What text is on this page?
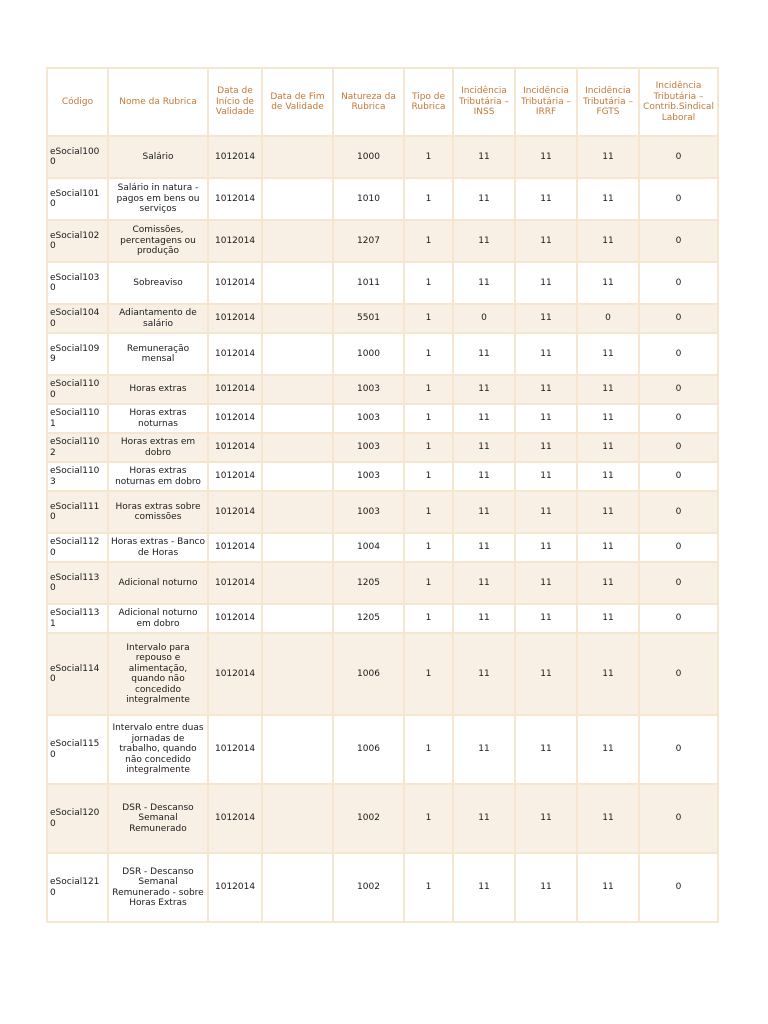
Código	Nome da Rubrica	Data de Início de Validade	Data de Fim de Validade	Natureza da Rubrica	Tipo de Rubrica	Incidência Tributária – INSS	Incidência Tributária – IRRF	Incidência Tributária – FGTS	Incidência Tributária – Contrib.Sindical Laboral
eSocial1000	Salário	1012014		1000	1	11	11	11	0
eSocial1010	Salário in natura - pagos em bens ou serviços	1012014		1010	1	11	11	11	0
eSocial1020	Comissões, percentagens ou produção	1012014		1207	1	11	11	11	0
eSocial1030	Sobreaviso	1012014		1011	1	11	11	11	0
eSocial1040	Adiantamento de salário	1012014		5501	1	0	11	0	0
eSocial1099	Remuneração mensal	1012014		1000	1	11	11	11	0
eSocial1100	Horas extras	1012014		1003	1	11	11	11	0
eSocial1101	Horas extras noturnas	1012014		1003	1	11	11	11	0
eSocial1102	Horas extras em dobro	1012014		1003	1	11	11	11	0
eSocial1103	Horas extras noturnas em dobro	1012014		1003	1	11	11	11	0
eSocial1110	Horas extras sobre comissões	1012014		1003	1	11	11	11	0
eSocial1120	Horas extras - Banco de Horas	1012014		1004	1	11	11	11	0
eSocial1130	Adicional noturno	1012014		1205	1	11	11	11	0
eSocial1131	Adicional noturno em dobro	1012014		1205	1	11	11	11	0
eSocial1140	Intervalo para repouso e alimentação, quando não concedido integralmente	1012014		1006	1	11	11	11	0
eSocial1150	Intervalo entre duas jornadas de trabalho, quando não concedido integralmente	1012014		1006	1	11	11	11	0
eSocial1200	DSR - Descanso Semanal Remunerado	1012014		1002	1	11	11	11	0
eSocial1210	DSR - Descanso Semanal Remunerado - sobre Horas Extras	1012014		1002	1	11	11	11	0
